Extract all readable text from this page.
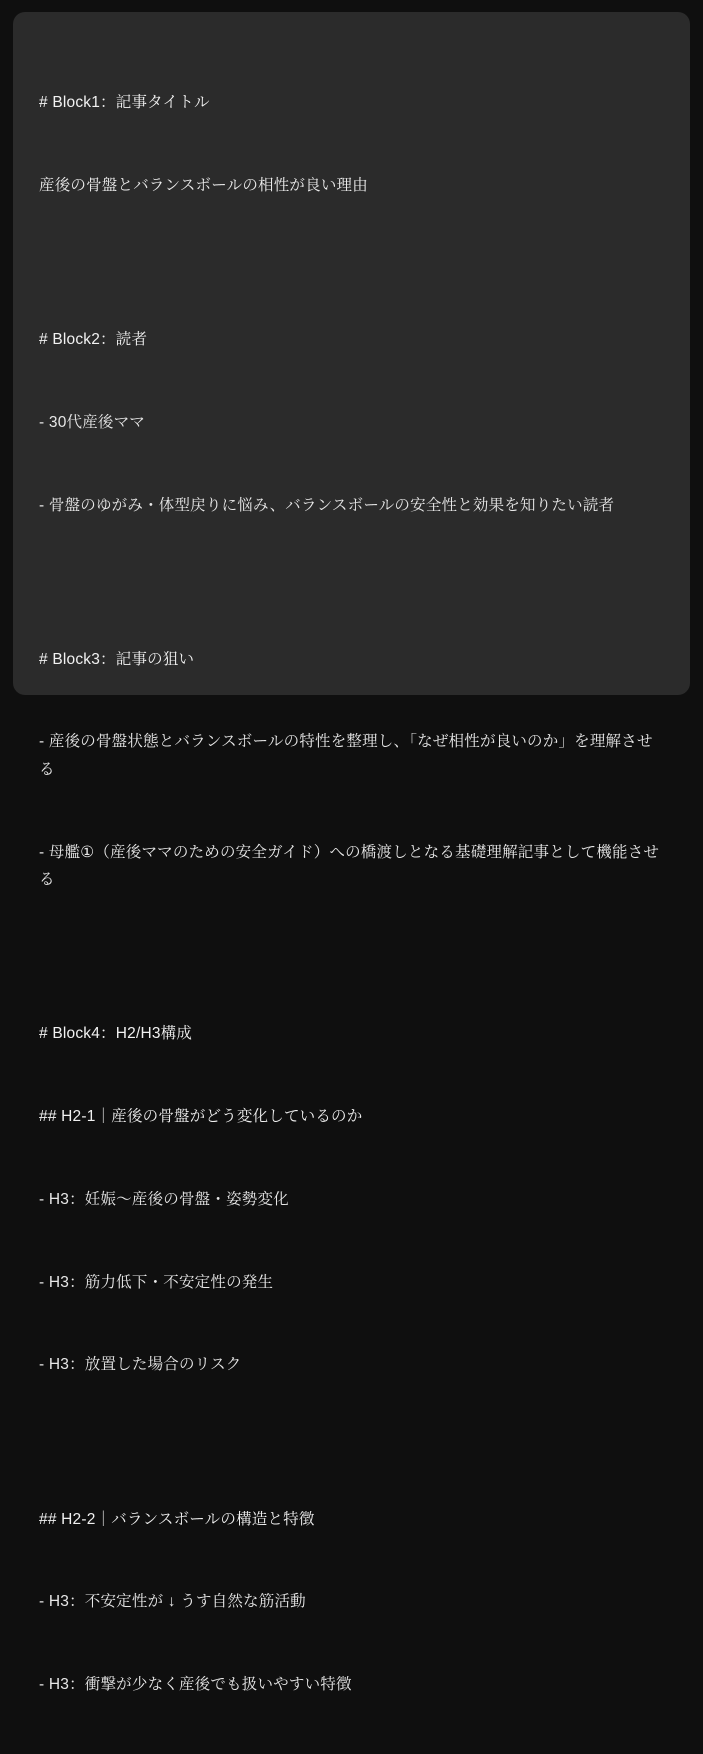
# Block1：記事タイトル

産後の骨盤とバランスボールの相性が良い理由

# Block2：読者

- 30代産後ママ

- 骨盤のゆがみ・体型戻りに悩み、バランスボールの安全性と効果を知りたい読者

# Block3：記事の狙い

- 産後の骨盤状態とバランスボールの特性を整理し、「なぜ相性が良いのか」を理解させる

- 母艦①（産後ママのための安全ガイド）への橋渡しとなる基礎理解記事として機能させる

# Block4：H2/H3構成

## H2-1｜産後の骨盤がどう変化しているのか

- H3：妊娠〜産後の骨盤・姿勢変化

- H3：筋力低下・不安定性の発生

- H3：放置した場合のリスク

## H2-2｜バランスボールの構造と特徴

- H3：不安定性が ↓ うす自然な筋活動

- H3：衝撃が少なく産後でも扱いやすい特徴
